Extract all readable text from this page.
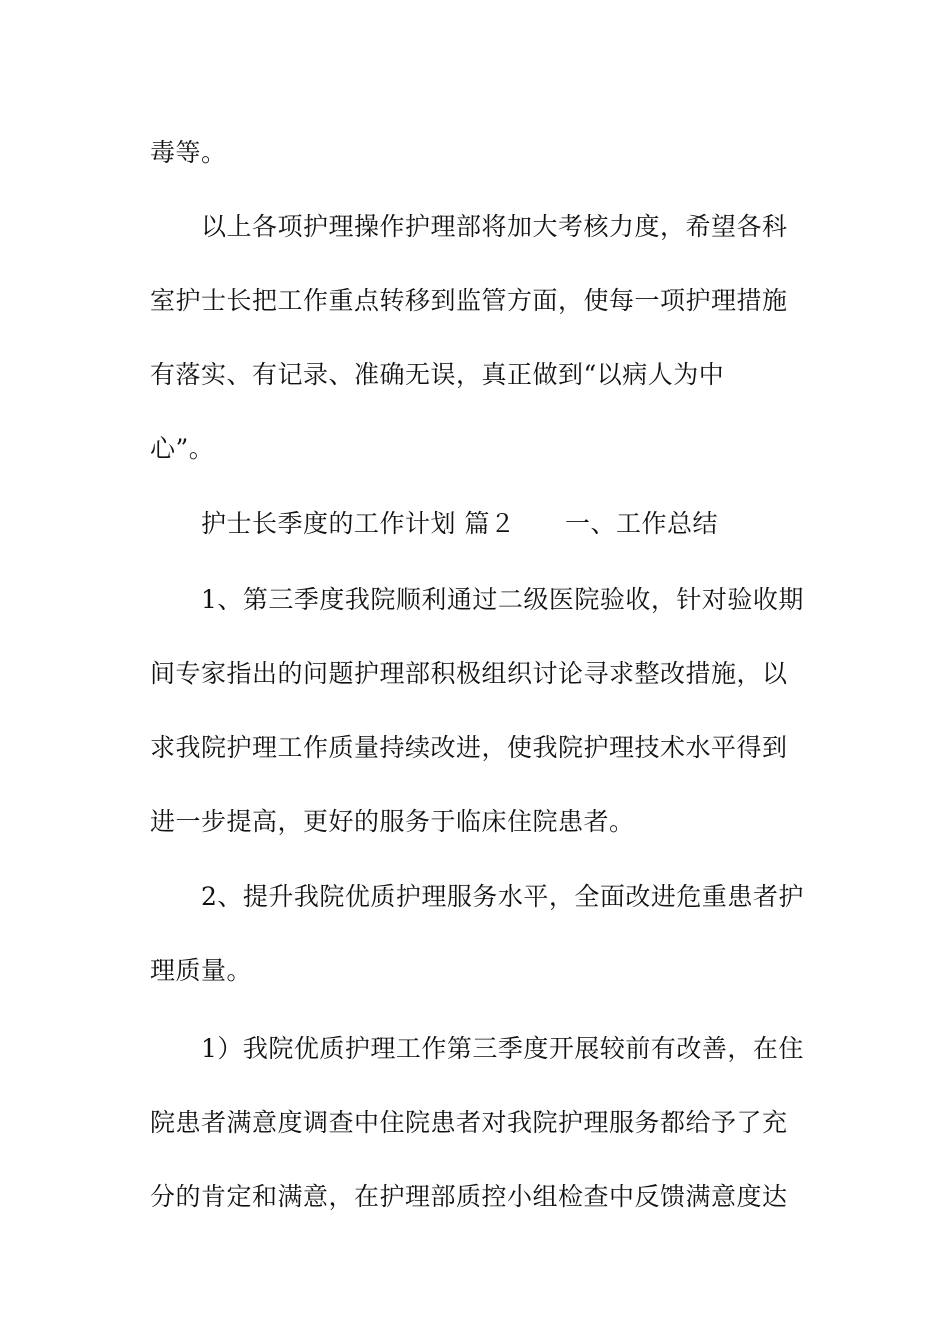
毒等。
以上各项护理操作护理部将加大考核力度，希望各科
室护士长把工作重点转移到监管方面，使每一项护理措施
有落实、有记录、准确无误，真正做到“以病人为中
心”。
护士长季度的工作计划 篇２ 一、工作总结
1、第三季度我院顺利通过二级医院验收，针对验收期
间专家指出的问题护理部积极组织讨论寻求整改措施，以
求我院护理工作质量持续改进，使我院护理技术水平得到
进一步提高，更好的服务于临床住院患者。
2、提升我院优质护理服务水平，全面改进危重患者护
理质量。
1）我院优质护理工作第三季度开展较前有改善，在住
院患者满意度调查中住院患者对我院护理服务都给予了充
分的肯定和满意，在护理部质控小组检查中反馈满意度达
